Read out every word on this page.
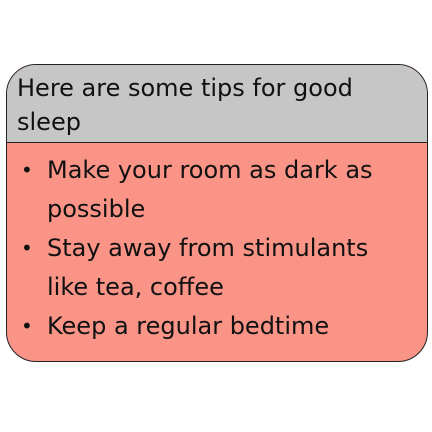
Here are some tips for good sleep
• Make your room as dark as possible
• Stay away from stimulants like tea, coffee
• Keep a regular bedtime
